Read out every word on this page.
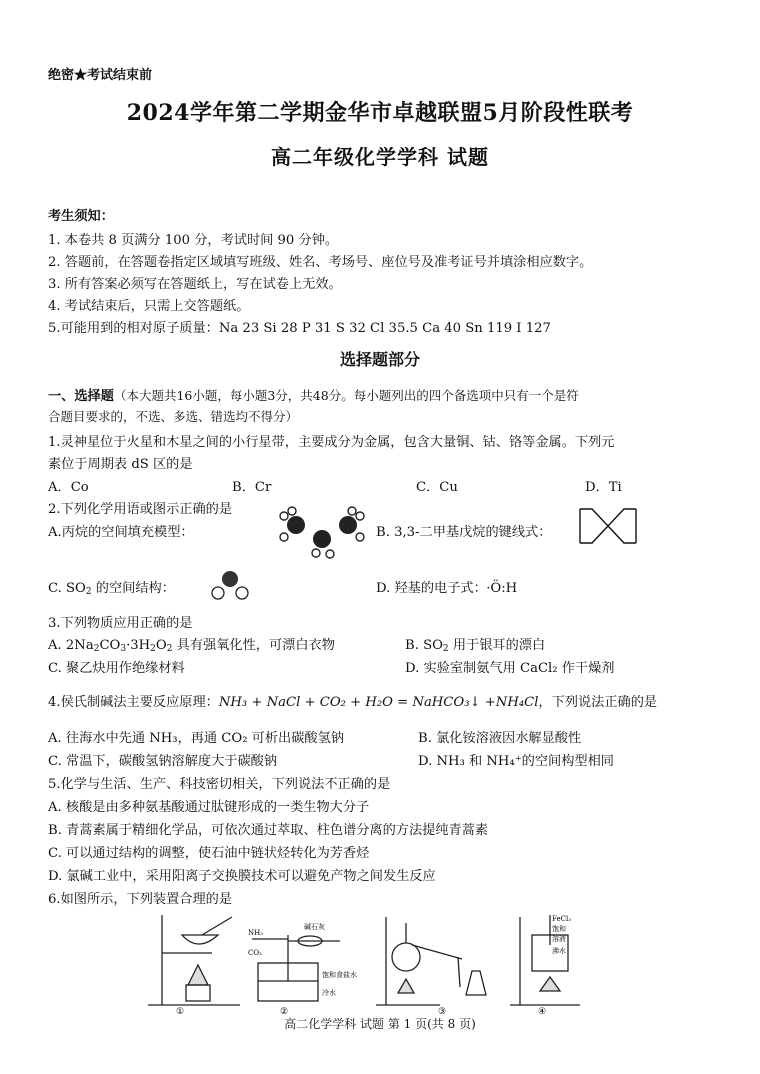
绝密★考试结束前
2024学年第二学期金华市卓越联盟5月阶段性联考
高二年级化学学科 试题
考生须知：
1. 本卷共 8 页满分 100 分，考试时间 90 分钟。
2. 答题前，在答题卷指定区域填写班级、姓名、考场号、座位号及准考证号并填涂相应数字。
3. 所有答案必须写在答题纸上，写在试卷上无效。
4. 考试结束后，只需上交答题纸。
5.可能用到的相对原子质量：Na 23 Si 28 P 31 S 32 Cl 35.5 Ca 40 Sn 119 I 127
选择题部分
一、选择题（本大题共16小题，每小题3分，共48分。每小题列出的四个备选项中只有一个是符
合题目要求的，不选、多选、错选均不得分）
1.灵神星位于火星和木星之间的小行星带，主要成分为金属，包含大量铜、钴、铬等金属。下列元
素位于周期表 dS 区的是
A．Co	B．Cr	C．Cu	D．Ti
2.下列化学用语或图示正确的是
A.丙烷的空间填充模型：	B. 3,3-二甲基戊烷的键线式：
C. $SO_2$ 的空间结构：	D. 羟基的电子式： ·Ö:H
3.下列物质应用正确的是
A. $2Na_2CO_3\cdot 3H_2O_2$ 具有强氧化性，可漂白衣物	B. $SO_2$ 用于银耳的漂白
C. 聚乙炔用作绝缘材料	D. 实验室制氨气用 CaCl₂ 作干燥剂
4.侯氏制碱法主要反应原理：NH₃ + NaCl + CO₂ + H₂O = NaHCO₃↓ +NH₄Cl，下列说法正确的是
A. 往海水中先通 NH₃，再通 CO₂ 可析出碳酸氢钠	B. 氯化铵溶液因水解显酸性
C. 常温下，碳酸氢钠溶解度大于碳酸钠	D. NH₃ 和 NH₄⁺的空间构型相同
5.化学与生活、生产、科技密切相关，下列说法不正确的是
A. 核酸是由多种氨基酸通过肽键形成的一类生物大分子
B. 青蒿素属于精细化学品，可依次通过萃取、柱色谱分离的方法提纯青蒿素
C. 可以通过结构的调整，使石油中链状烃转化为芳香烃
D. 氯碱工业中，采用阳离子交换膜技术可以避免产物之间发生反应
6.如图所示，下列装置合理的是
①	②	③	④
NH₃
CO₂
碱石灰
饱和食盐水
冷水
FeCl₃
饱和
溶液
沸水
高二化学学科 试题 第 1 页(共 8 页)
